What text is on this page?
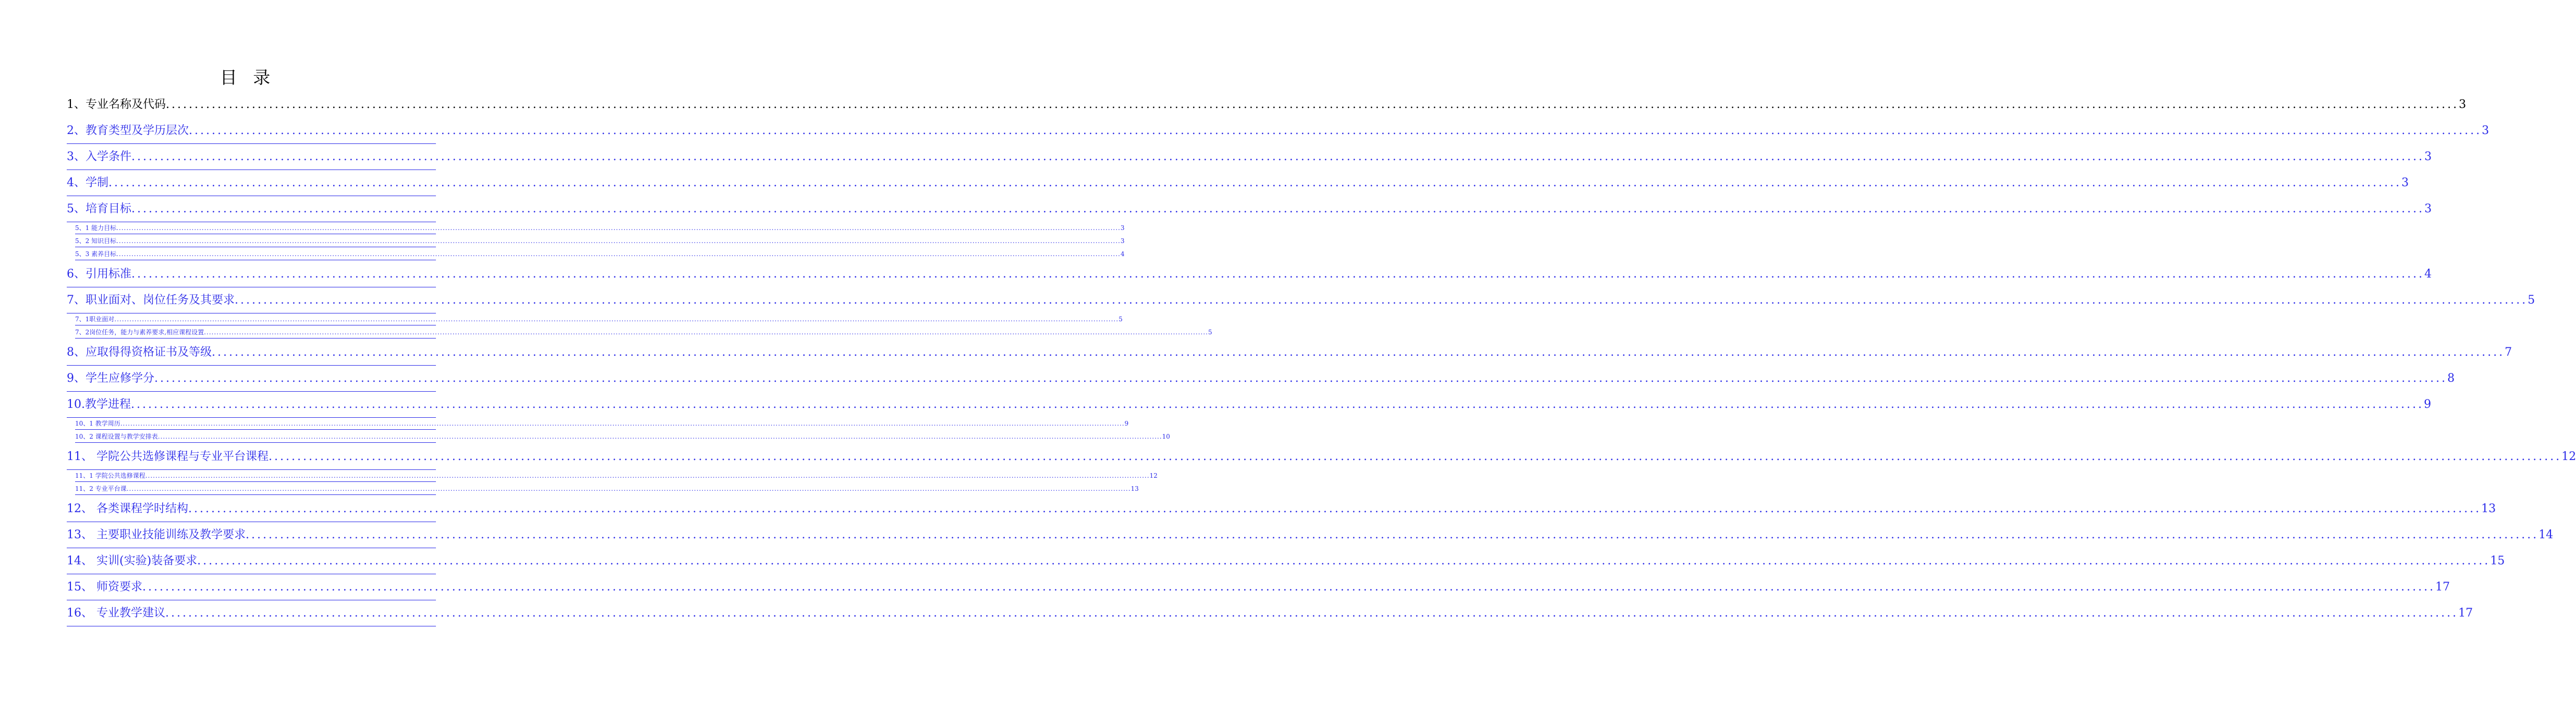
目 录
1、专业名称及代码 ................................................................................................................................................................................................................................................................................................................................................................................................................ 3
2、教育类型及学历层次 ................................................................................................................................................................................................................................................................................................................................................................................................................ 3
3、入学条件 ................................................................................................................................................................................................................................................................................................................................................................................................................ 3
4、学制 ................................................................................................................................................................................................................................................................................................................................................................................................................ 3
5、培育目标 ................................................................................................................................................................................................................................................................................................................................................................................................................ 3
5、1 能力目标 ................................................................................................................................................................................................................................................................................................................................................................................................................ 3
5、2 知识目标 ................................................................................................................................................................................................................................................................................................................................................................................................................ 3
5、3 素养目标 ................................................................................................................................................................................................................................................................................................................................................................................................................ 4
6、引用标准 ................................................................................................................................................................................................................................................................................................................................................................................................................ 4
7、职业面对、岗位任务及其要求 ................................................................................................................................................................................................................................................................................................................................................................................................................ 5
7、1职业面对 ................................................................................................................................................................................................................................................................................................................................................................................................................ 5
7、2岗位任务，能力与素养要求,相应课程设置 ................................................................................................................................................................................................................................................................................................................................................................................................................ 5
8、应取得得资格证书及等级 ................................................................................................................................................................................................................................................................................................................................................................................................................ 7
9、学生应修学分 ................................................................................................................................................................................................................................................................................................................................................................................................................ 8
10.教学进程 ................................................................................................................................................................................................................................................................................................................................................................................................................ 9
10、1 教学周历 ................................................................................................................................................................................................................................................................................................................................................................................................................ 9
10、2 课程设置与教学安排表 ................................................................................................................................................................................................................................................................................................................................................................................................................ 10
11、 学院公共选修课程与专业平台课程 ................................................................................................................................................................................................................................................................................................................................................................................................................ 12
11、1 学院公共选修课程 ................................................................................................................................................................................................................................................................................................................................................................................................................ 12
11、2 专业平台课 ................................................................................................................................................................................................................................................................................................................................................................................................................ 13
12、 各类课程学时结构 ................................................................................................................................................................................................................................................................................................................................................................................................................ 13
13、 主要职业技能训练及教学要求 ................................................................................................................................................................................................................................................................................................................................................................................................................ 14
14、 实训(实验)装备要求 ................................................................................................................................................................................................................................................................................................................................................................................................................ 15
15、 师资要求 ................................................................................................................................................................................................................................................................................................................................................................................................................ 17
16、 专业教学建议 ................................................................................................................................................................................................................................................................................................................................................................................................................ 17
